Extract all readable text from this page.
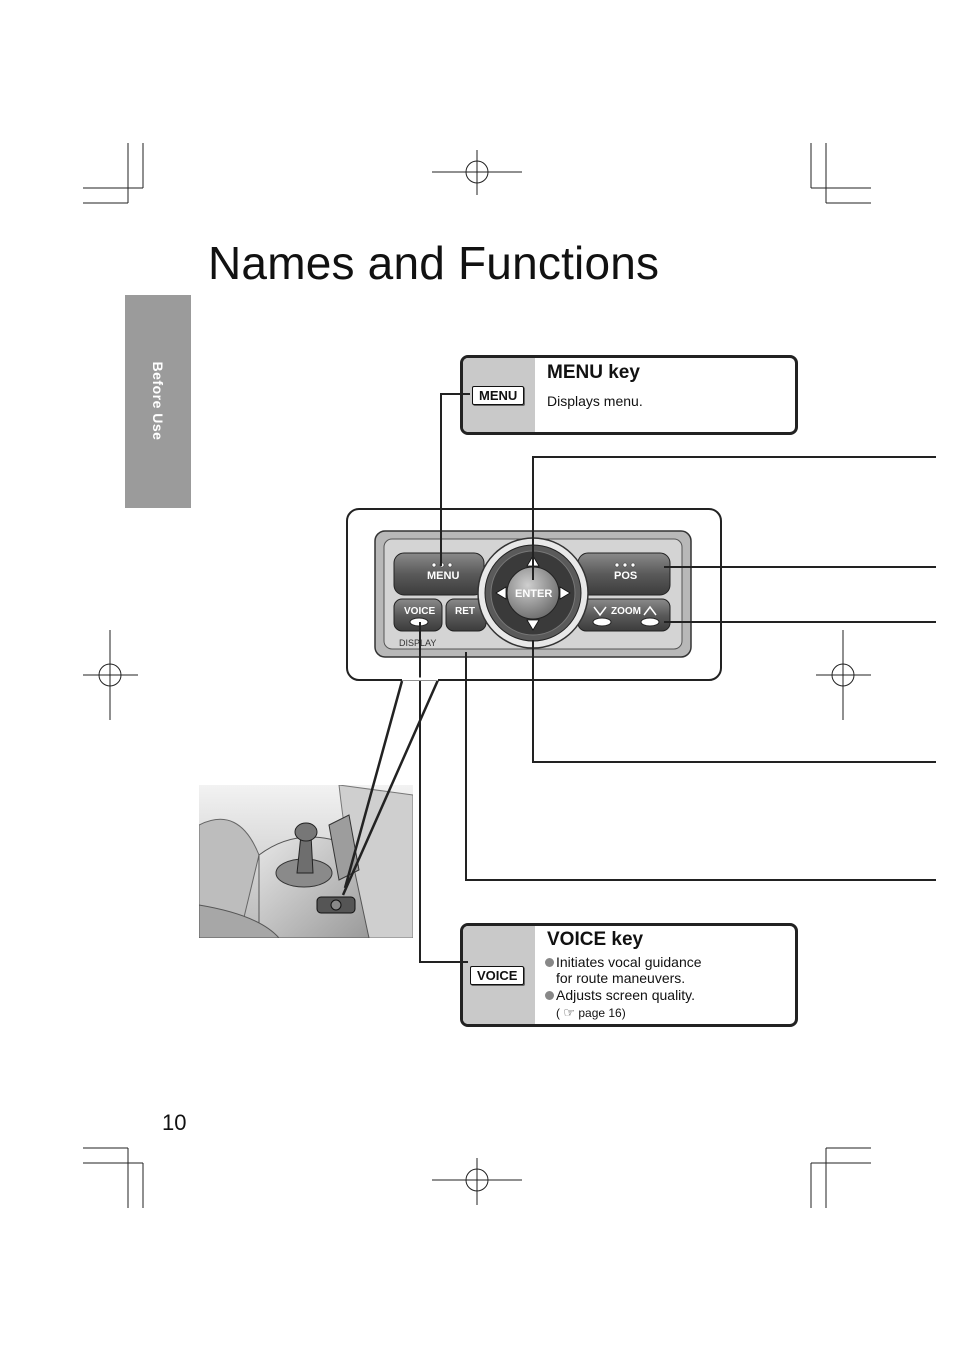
Names and Functions
Before Use
MENU	POS
ENTER
VOICE RET	ZOOM
DISPLAY
MENU
MENU key

Displays menu.

VOICE
VOICE key

Initiates vocal guidance

for route maneuvers.

Adjusts screen quality.

( ☞ page 16)

10
